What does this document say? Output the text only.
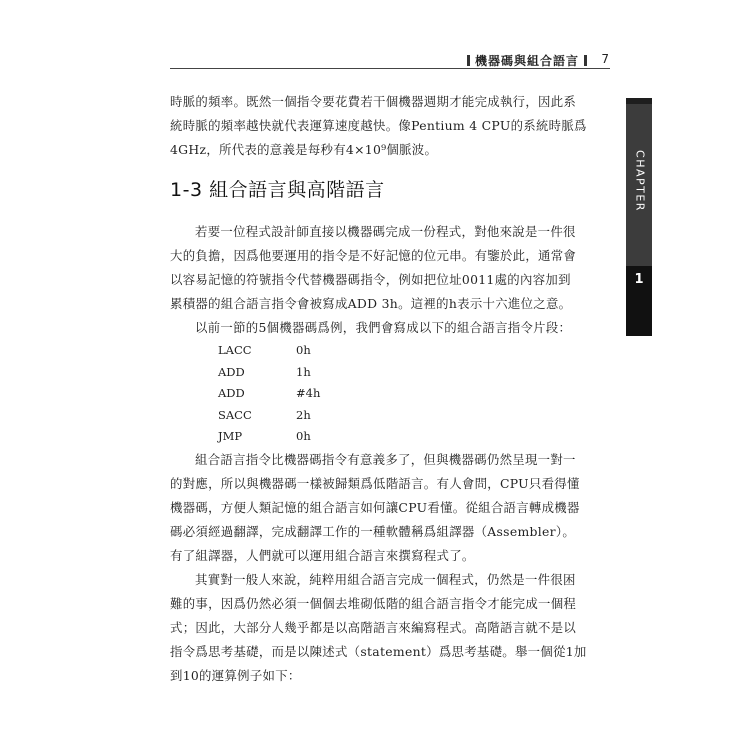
機器碼與組合語言	7
CHAPTER
1

時脈的頻率。既然一個指令要花費若干個機器週期才能完成執行，因此系
統時脈的頻率越快就代表運算速度越快。像Pentium 4 CPU的系統時脈爲
4GHz，所代表的意義是每秒有4×10⁹個脈波。

1-3 組合語言與高階語言

若要一位程式設計師直接以機器碼完成一份程式，對他來說是一件很
大的負擔，因爲他要運用的指令是不好記憶的位元串。有鑒於此，通常會
以容易記憶的符號指令代替機器碼指令，例如把位址0011處的內容加到
累積器的組合語言指令會被寫成ADD 3h。這裡的h表示十六進位之意。

以前一節的5個機器碼爲例，我們會寫成以下的組合語言指令片段：

LACC	0h
ADD	1h
ADD	#4h
SACC	2h
JMP	0h

組合語言指令比機器碼指令有意義多了，但與機器碼仍然呈現一對一
的對應，所以與機器碼一樣被歸類爲低階語言。有人會問，CPU只看得懂
機器碼，方便人類記憶的組合語言如何讓CPU看懂。從組合語言轉成機器
碼必須經過翻譯，完成翻譯工作的一種軟體稱爲組譯器（Assembler）。
有了組譯器，人們就可以運用組合語言來撰寫程式了。

其實對一般人來說，純粹用組合語言完成一個程式，仍然是一件很困
難的事，因爲仍然必須一個個去堆砌低階的組合語言指令才能完成一個程
式；因此，大部分人幾乎都是以高階語言來編寫程式。高階語言就不是以
指令爲思考基礎，而是以陳述式（statement）爲思考基礎。舉一個從1加
到10的運算例子如下：
